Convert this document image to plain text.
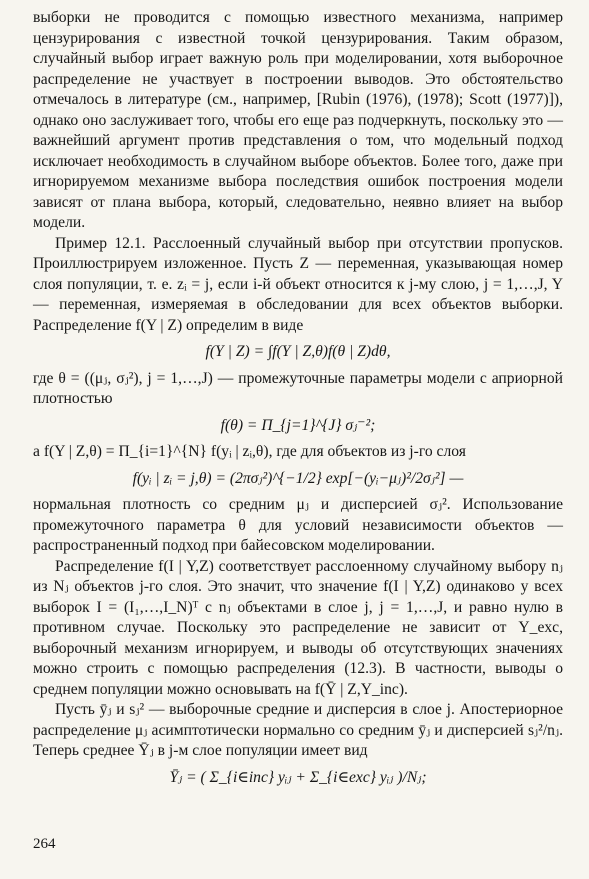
выборки не проводится с помощью известного механизма, например цензурирования с известной точкой цензурирования. Таким образом, случайный выбор играет важную роль при моделировании, хотя выборочное распределение не участвует в построении выводов. Это обстоятельство отмечалось в литературе (см., например, [Rubin (1976), (1978); Scott (1977)]), однако оно заслуживает того, чтобы его еще раз подчеркнуть, поскольку это — важнейший аргумент против представления о том, что модельный подход исключает необходимость в случайном выборе объектов. Более того, даже при игнорируемом механизме выбора последствия ошибок построения модели зависят от плана выбора, который, следовательно, неявно влияет на выбор модели.

Пример 12.1. Расслоенный случайный выбор при отсутствии пропусков. Проиллюстрируем изложенное. Пусть Z — переменная, указывающая номер слоя популяции, т. е. zᵢ = j, если i-й объект относится к j-му слою, j = 1,…,J, Y — переменная, измеряемая в обследовании для всех объектов выборки. Распределение f(Y | Z) определим в виде

f(Y | Z) = ∫f(Y | Z,θ)f(θ | Z)dθ,

где θ = ((μⱼ, σⱼ²), j = 1,…,J) — промежуточные параметры модели с априорной плотностью

f(θ) = Π_{j=1}^{J} σⱼ⁻²;

а f(Y | Z,θ) = Π_{i=1}^{N} f(yᵢ | zᵢ,θ), где для объектов из j-го слоя

f(yᵢ | zᵢ = j,θ) = (2πσⱼ²)^{−1/2} exp[−(yᵢ−μⱼ)²/2σⱼ²] —

нормальная плотность со средним μⱼ и дисперсией σⱼ². Использование промежуточного параметра θ для условий независимости объектов — распространенный подход при байесовском моделировании.

Распределение f(I | Y,Z) соответствует расслоенному случайному выбору nⱼ из Nⱼ объектов j-го слоя. Это значит, что значение f(I | Y,Z) одинаково у всех выборок I = (I₁,…,I_N)ᵀ с nⱼ объектами в слое j, j = 1,…,J, и равно нулю в противном случае. Поскольку это распределение не зависит от Y_exc, выборочный механизм игнорируем, и выводы об отсутствующих значениях можно строить с помощью распределения (12.3). В частности, выводы о среднем популяции можно основывать на f(Ȳ | Z,Y_inc).

Пусть ȳⱼ и sⱼ² — выборочные средние и дисперсия в слое j. Апостериорное распределение μⱼ асимптотически нормально со средним ȳⱼ и дисперсией sⱼ²/nⱼ. Теперь среднее Ȳⱼ в j-м слое популяции имеет вид

Ȳⱼ = ( Σ_{i∈inc} yᵢⱼ + Σ_{i∈exc} yᵢⱼ )/Nⱼ;
264
